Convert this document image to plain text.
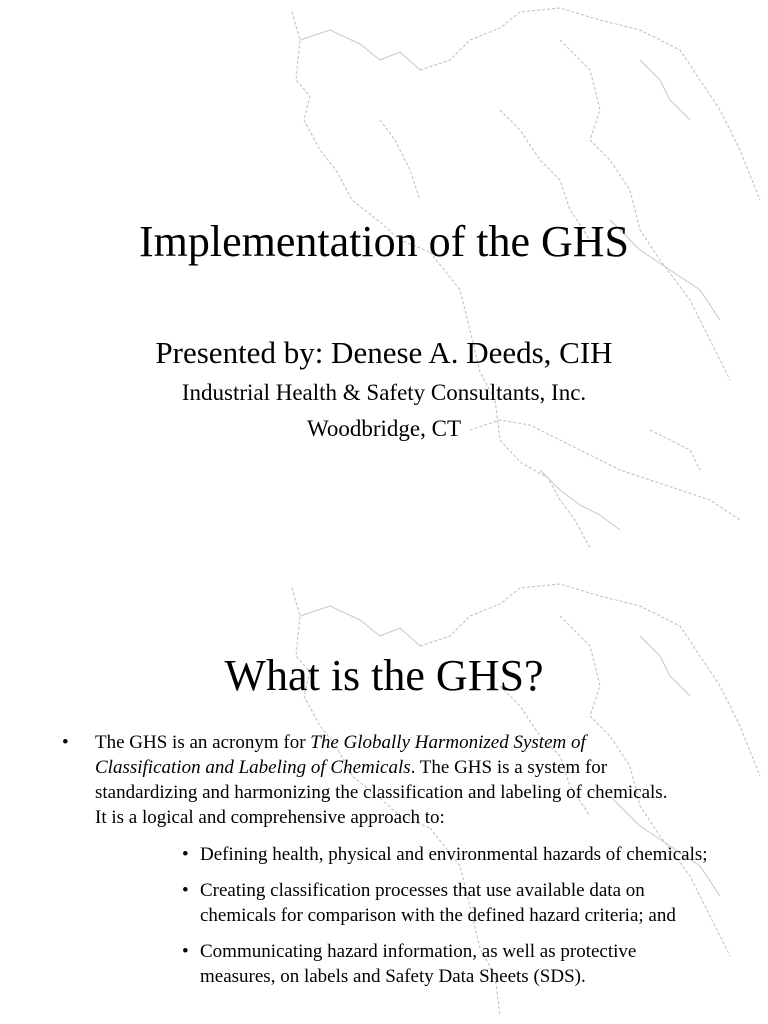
Implementation of the GHS

Presented by: Denese A. Deeds, CIH

Industrial Health & Safety Consultants, Inc.

Woodbridge, CT

What is the GHS?
• The GHS is an acronym for The Globally Harmonized System of Classification and Labeling of Chemicals. The GHS is a system for standardizing and harmonizing the classification and labeling of chemicals. It is a logical and comprehensive approach to:
• Defining health, physical and environmental hazards of chemicals;
• Creating classification processes that use available data on chemicals for comparison with the defined hazard criteria; and
• Communicating hazard information, as well as protective measures, on labels and Safety Data Sheets (SDS).
